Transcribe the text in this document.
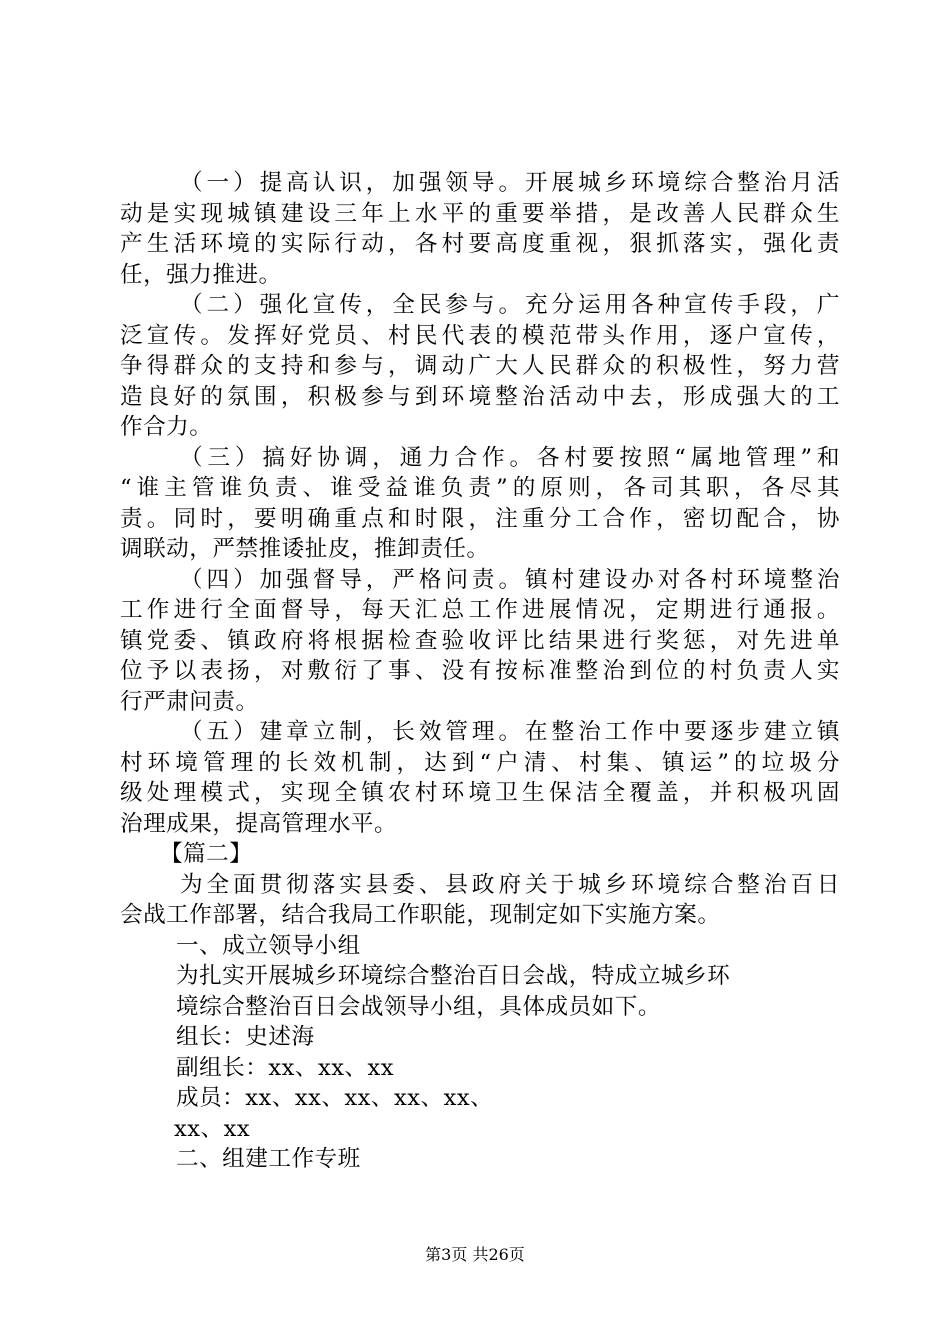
（一）提高认识，加强领导。开展城乡环境综合整治月活
动是实现城镇建设三年上水平的重要举措，是改善人民群众生
产生活环境的实际行动，各村要高度重视，狠抓落实，强化责
任，强力推进。
（二）强化宣传，全民参与。充分运用各种宣传手段，广
泛宣传。发挥好党员、村民代表的模范带头作用，逐户宣传，
争得群众的支持和参与，调动广大人民群众的积极性，努力营
造良好的氛围，积极参与到环境整治活动中去，形成强大的工
作合力。
（三）搞好协调，通力合作。各村要按照“属地管理”和
“谁主管谁负责、谁受益谁负责”的原则，各司其职，各尽其
责。同时，要明确重点和时限，注重分工合作，密切配合，协
调联动，严禁推诿扯皮，推卸责任。
（四）加强督导，严格问责。镇村建设办对各村环境整治
工作进行全面督导，每天汇总工作进展情况，定期进行通报。
镇党委、镇政府将根据检查验收评比结果进行奖惩，对先进单
位予以表扬，对敷衍了事、没有按标准整治到位的村负责人实
行严肃问责。
（五）建章立制，长效管理。在整治工作中要逐步建立镇
村环境管理的长效机制，达到“户清、村集、镇运”的垃圾分
级处理模式，实现全镇农村环境卫生保洁全覆盖，并积极巩固
治理成果，提高管理水平。
【篇二】
为全面贯彻落实县委、县政府关于城乡环境综合整治百日
会战工作部署，结合我局工作职能，现制定如下实施方案。
一、成立领导小组
为扎实开展城乡环境综合整治百日会战，特成立城乡环
境综合整治百日会战领导小组，具体成员如下。
组长：史述海
副组长：xx、xx、xx
成员：xx、xx、xx、xx、xx、
xx、xx
二、组建工作专班
第3页 共26页
